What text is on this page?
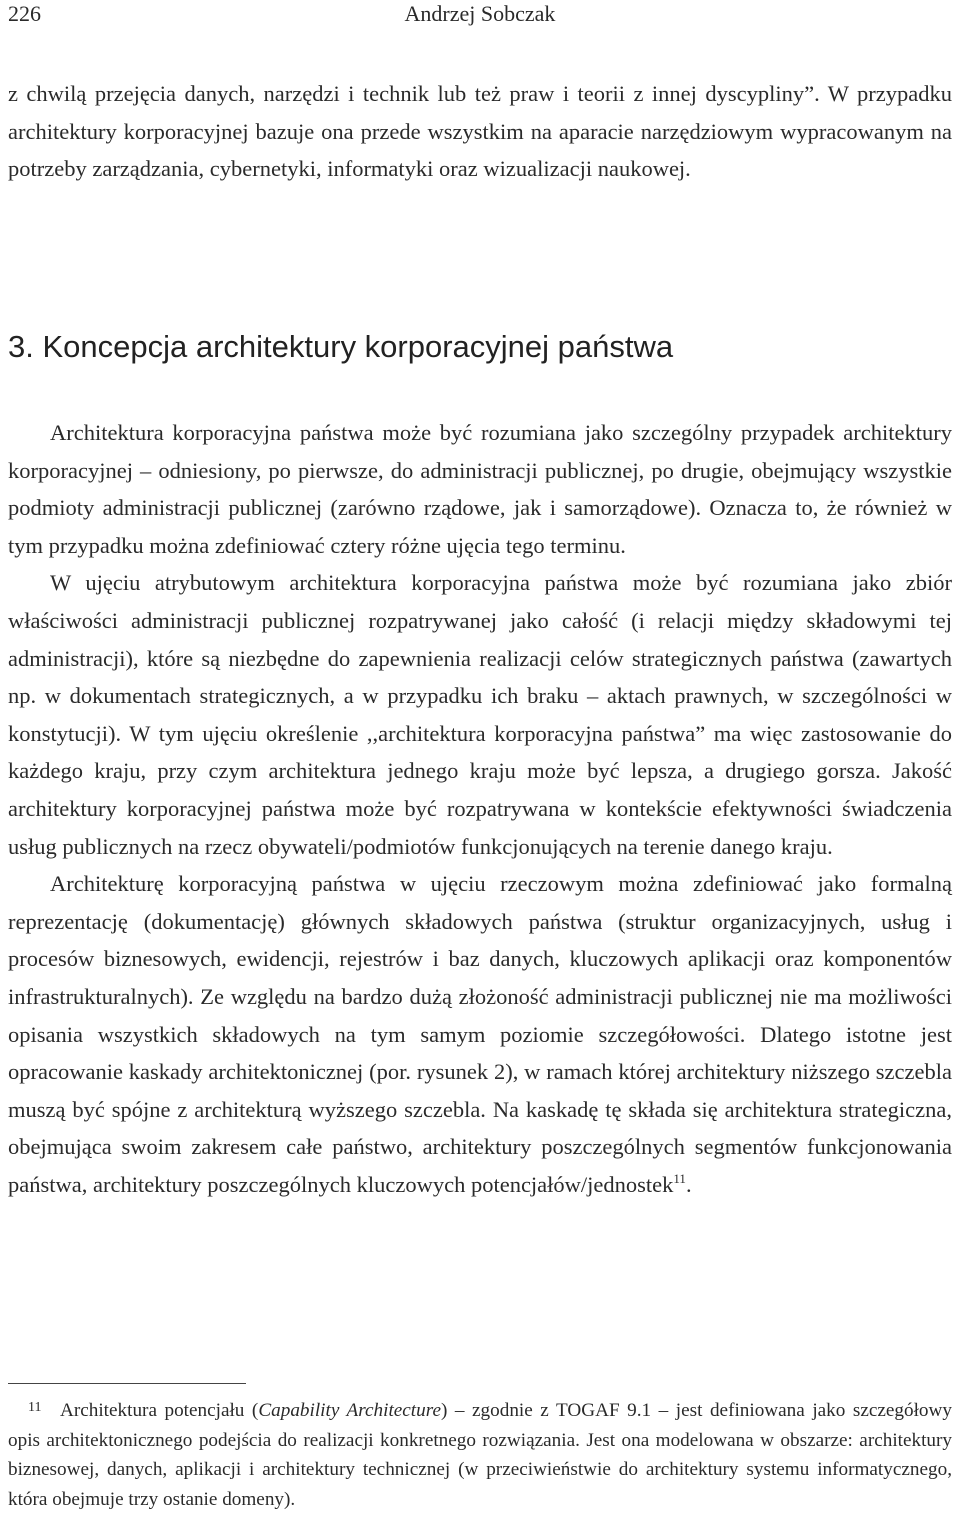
226	Andrzej Sobczak

z chwilą przejęcia danych, narzędzi i technik lub też praw i teorii z innej dyscypliny”. W przypadku architektury korporacyjnej bazuje ona przede wszystkim na aparacie narzędziowym wypracowanym na potrzeby zarządzania, cybernetyki, informatyki oraz wizualizacji naukowej.

3. Koncepcja architektury korporacyjnej państwa

Architektura korporacyjna państwa może być rozumiana jako szczególny przypadek architektury korporacyjnej – odniesiony, po pierwsze, do administracji publicznej, po drugie, obejmujący wszystkie podmioty administracji publicznej (zarówno rządowe, jak i samorządowe). Oznacza to, że również w tym przypadku można zdefiniować cztery różne ujęcia tego terminu.

W ujęciu atrybutowym architektura korporacyjna państwa może być rozumiana jako zbiór właściwości administracji publicznej rozpatrywanej jako całość (i relacji między składowymi tej administracji), które są niezbędne do zapewnienia realizacji celów strategicznych państwa (zawartych np. w dokumentach strategicznych, a w przypadku ich braku – aktach prawnych, w szczególności w konstytucji). W tym ujęciu określenie ,,architektura korporacyjna państwa” ma więc zastosowanie do każdego kraju, przy czym architektura jednego kraju może być lepsza, a drugiego gorsza. Jakość architektury korporacyjnej państwa może być rozpatrywana w kontekście efektywności świadczenia usług publicznych na rzecz obywateli/podmiotów funkcjonujących na terenie danego kraju.

Architekturę korporacyjną państwa w ujęciu rzeczowym można zdefiniować jako formalną reprezentację (dokumentację) głównych składowych państwa (struktur organizacyjnych, usług i procesów biznesowych, ewidencji, rejestrów i baz danych, kluczowych aplikacji oraz komponentów infrastrukturalnych). Ze względu na bardzo dużą złożoność administracji publicznej nie ma możliwości opisania wszystkich składowych na tym samym poziomie szczegółowości. Dlatego istotne jest opracowanie kaskady architektonicznej (por. rysunek 2), w ramach której architektury niższego szczebla muszą być spójne z architekturą wyższego szczebla. Na kaskadę tę składa się architektura strategiczna, obejmująca swoim zakresem całe państwo, architektury poszczególnych segmentów funkcjonowania państwa, architektury poszczególnych kluczowych potencjałów/jednostek$^{11}$.

11 Architektura potencjału (Capability Architecture) – zgodnie z TOGAF 9.1 – jest definiowana jako szczegółowy opis architektonicznego podejścia do realizacji konkretnego rozwiązania. Jest ona modelowana w obszarze: architektury biznesowej, danych, aplikacji i architektury technicznej (w przeciwieństwie do architektury systemu informatycznego, która obejmuje trzy ostanie domeny).
